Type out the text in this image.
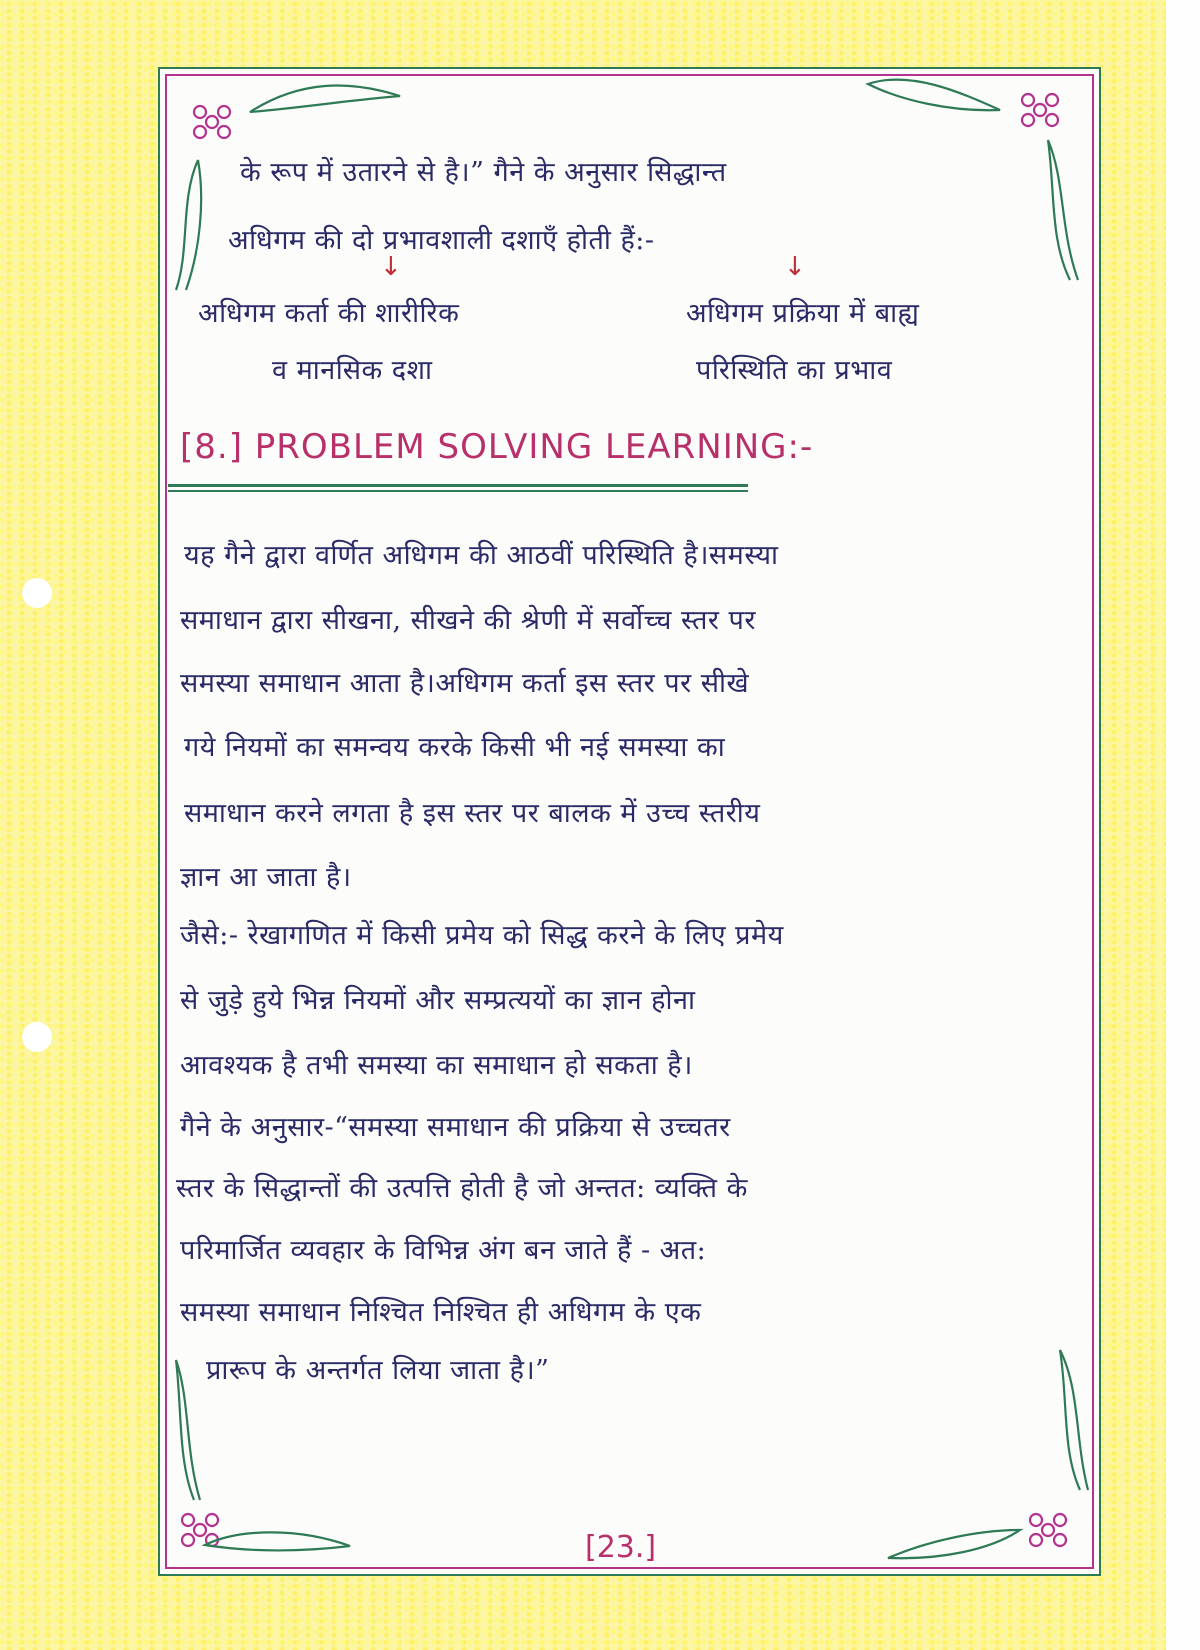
के रूप में उतारने से है।” गैने के अनुसार सिद्धान्त

अधिगम की दो प्रभावशाली दशाएँ होती हैं:-

↓	↓

अधिगम कर्ता की शारीरिक

व मानसिक दशा

अधिगम प्रक्रिया में बाह्य

परिस्थिति का प्रभाव

[8.] PROBLEM SOLVING LEARNING:-

यह गैने द्वारा वर्णित अधिगम की आठवीं परिस्थिति है।समस्या

समाधान द्वारा सीखना, सीखने की श्रेणी में सर्वोच्च स्तर पर

समस्या समाधान आता है।अधिगम कर्ता इस स्तर पर सीखे

गये नियमों का समन्वय करके किसी भी नई समस्या का

समाधान करने लगता है इस स्तर पर बालक में उच्च स्तरीय

ज्ञान आ जाता है।

जैसे:- रेखागणित में किसी प्रमेय को सिद्ध करने के लिए प्रमेय

से जुड़े हुये भिन्न नियमों और सम्प्रत्ययों का ज्ञान होना

आवश्यक है तभी समस्या का समाधान हो सकता है।

गैने के अनुसार-“समस्या समाधान की प्रक्रिया से उच्चतर

स्तर के सिद्धान्तों की उत्पत्ति होती है जो अन्तत: व्यक्ति के

परिमार्जित व्यवहार के विभिन्न अंग बन जाते हैं - अत:

समस्या समाधान निश्चित निश्चित ही अधिगम के एक

प्रारूप के अन्तर्गत लिया जाता है।”

[23.]
